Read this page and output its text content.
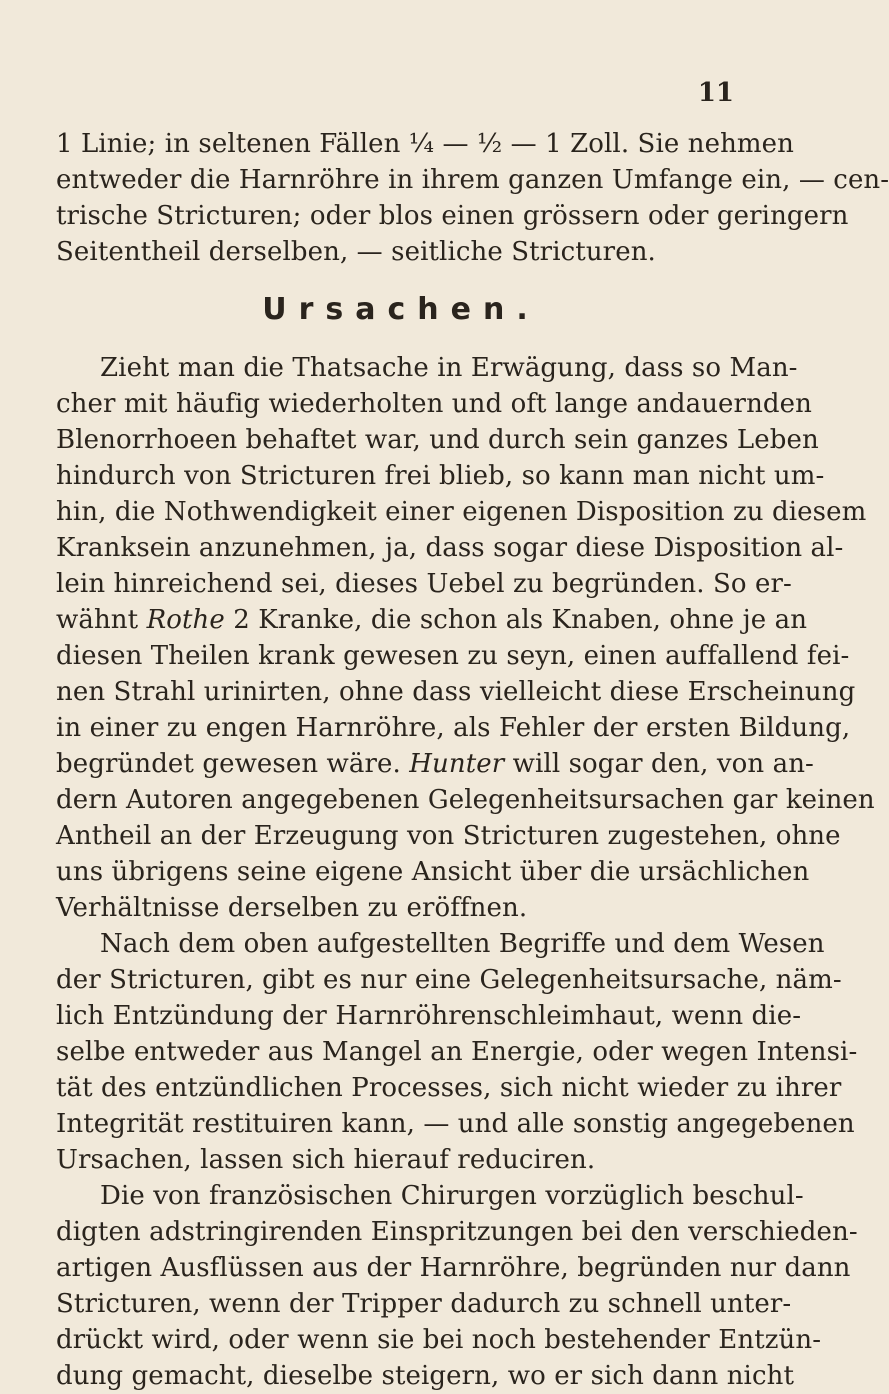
11
1 Linie; in seltenen Fällen ¼ — ½ — 1 Zoll. Sie nehmen
entweder die Harnröhre in ihrem ganzen Umfange ein, — cen-
trische Stricturen; oder blos einen grössern oder geringern
Seitentheil derselben, — seitliche Stricturen.
Ursachen.
Zieht man die Thatsache in Erwägung, dass so Man-
cher mit häufig wiederholten und oft lange andauernden
Blenorrhoeen behaftet war, und durch sein ganzes Leben
hindurch von Stricturen frei blieb, so kann man nicht um-
hin, die Nothwendigkeit einer eigenen Disposition zu diesem
Kranksein anzunehmen, ja, dass sogar diese Disposition al-
lein hinreichend sei, dieses Uebel zu begründen. So er-
wähnt Rothe 2 Kranke, die schon als Knaben, ohne je an
diesen Theilen krank gewesen zu seyn, einen auffallend fei-
nen Strahl urinirten, ohne dass vielleicht diese Erscheinung
in einer zu engen Harnröhre, als Fehler der ersten Bildung,
begründet gewesen wäre. Hunter will sogar den, von an-
dern Autoren angegebenen Gelegenheitsursachen gar keinen
Antheil an der Erzeugung von Stricturen zugestehen, ohne
uns übrigens seine eigene Ansicht über die ursächlichen
Verhältnisse derselben zu eröffnen.
Nach dem oben aufgestellten Begriffe und dem Wesen
der Stricturen, gibt es nur eine Gelegenheitsursache, näm-
lich Entzündung der Harnröhrenschleimhaut, wenn die-
selbe entweder aus Mangel an Energie, oder wegen Intensi-
tät des entzündlichen Processes, sich nicht wieder zu ihrer
Integrität restituiren kann, — und alle sonstig angegebenen
Ursachen, lassen sich hierauf reduciren.
Die von französischen Chirurgen vorzüglich beschul-
digten adstringirenden Einspritzungen bei den verschieden-
artigen Ausflüssen aus der Harnröhre, begründen nur dann
Stricturen, wenn der Tripper dadurch zu schnell unter-
drückt wird, oder wenn sie bei noch bestehender Entzün-
dung gemacht, dieselbe steigern, wo er sich dann nicht
